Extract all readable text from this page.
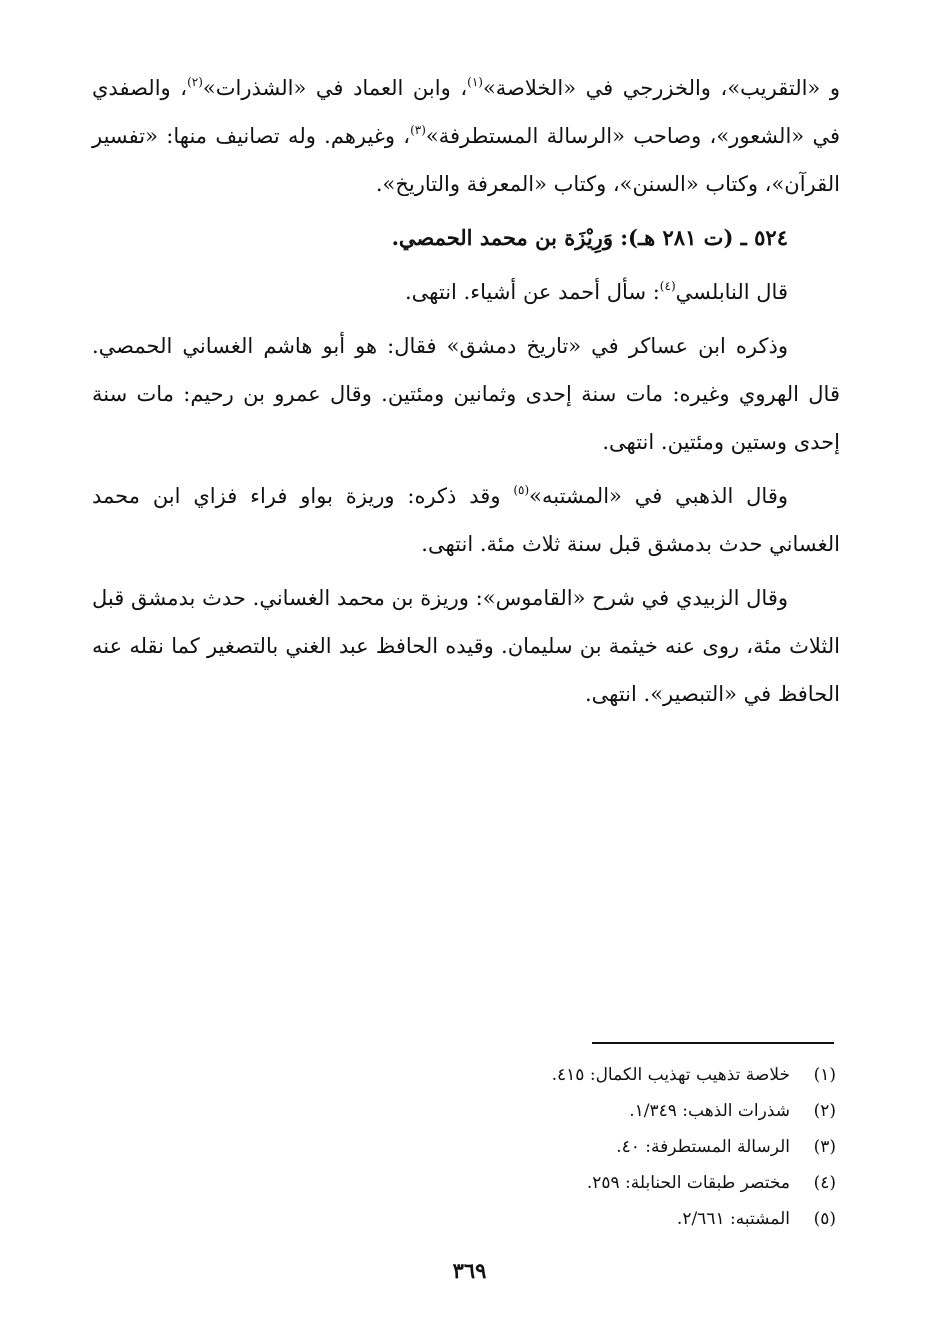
و «التقريب»، والخزرجي في «الخلاصة»$^{(١)}$، وابن العماد في «الشذرات»$^{(٢)}$، والصفدي في «الشعور»، وصاحب «الرسالة المستطرفة»$^{(٣)}$، وغيرهم. وله تصانيف منها: «تفسير القرآن»، وكتاب «السنن»، وكتاب «المعرفة والتاريخ».

٥٢٤ ـ (ت ٢٨١ هـ): وَرِيْزَة بن محمد الحمصي.

قال النابلسي$^{(٤)}$: سأل أحمد عن أشياء. انتهى.

وذكره ابن عساكر في «تاريخ دمشق» فقال: هو أبو هاشم الغساني الحمصي. قال الهروي وغيره: مات سنة إحدى وثمانين ومئتين. وقال عمرو بن رحيم: مات سنة إحدى وستين ومئتين. انتهى.

وقال الذهبي في «المشتبه»$^{(٥)}$ وقد ذكره: وريزة بواو فراء فزاي ابن محمد الغساني حدث بدمشق قبل سنة ثلاث مئة. انتهى.

وقال الزبيدي في شرح «القاموس»: وريزة بن محمد الغساني. حدث بدمشق قبل الثلاث مئة، روى عنه خيثمة بن سليمان. وقيده الحافظ عبد الغني بالتصغير كما نقله عنه الحافظ في «التبصير». انتهى.

(١)خلاصة تذهيب تهذيب الكمال: ٤١٥.

(٢)شذرات الذهب: ١/٣٤٩.

(٣)الرسالة المستطرفة: ٤٠.

(٤)مختصر طبقات الحنابلة: ٢٥٩.

(٥)المشتبه: ٢/٦٦١.

٣٦٩
